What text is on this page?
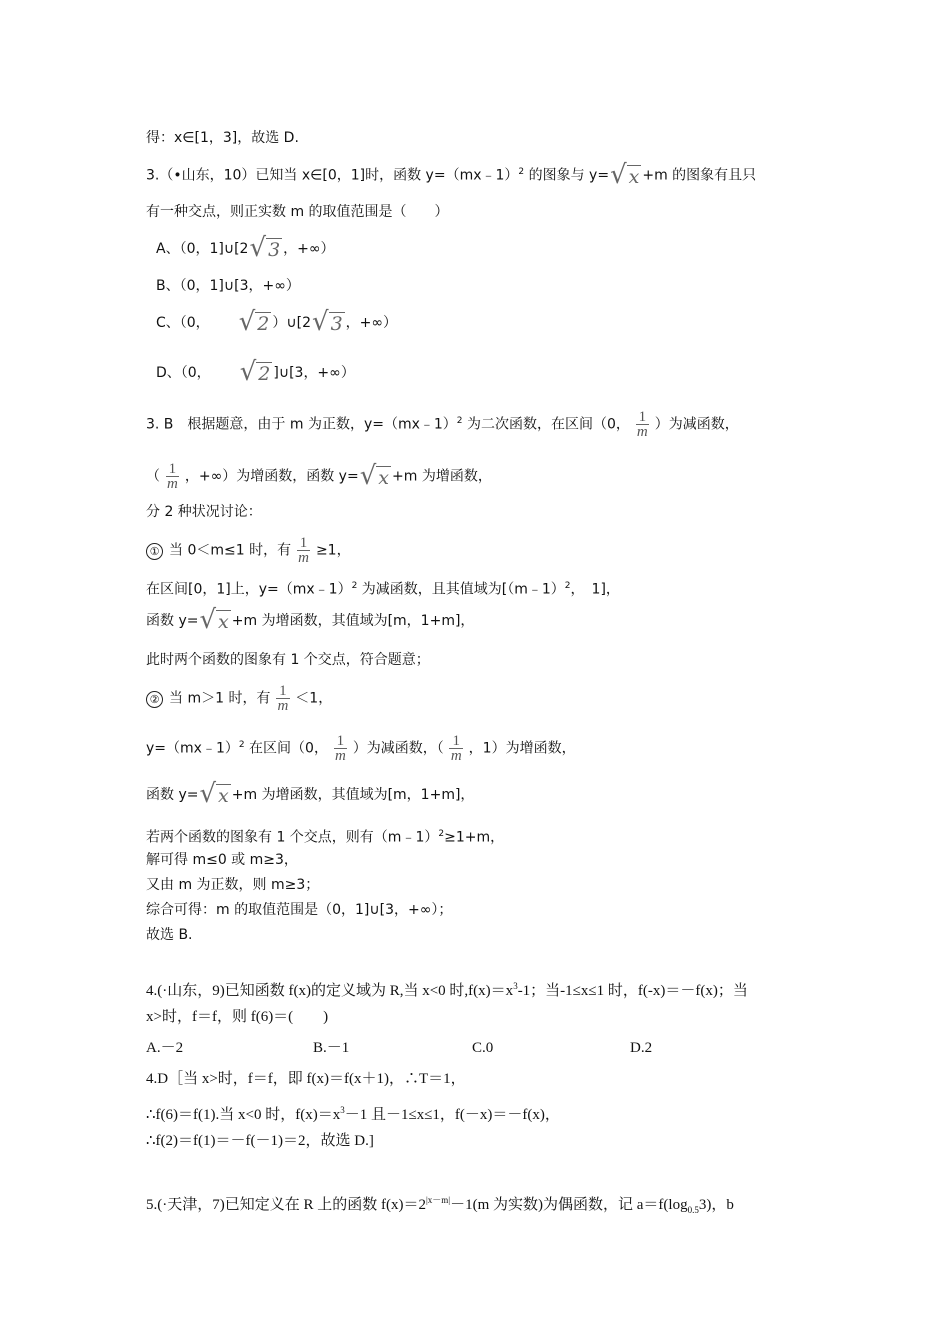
得：x∈[1，3]，故选 D.
3.（•山东，10）已知当 x∈[0，1]时，函数 y=（mx﹣1）$^2$ 的图象与 y=√ x +m 的图象有且只
有一种交点，则正实数 m 的取值范围是（　　）
A、（0，1]∪[2√ 3 ，+∞）
B、（0，1]∪[3，+∞）
C、（0， √ 2 ）∪[2√ 3 ，+∞）
D、（0， √ 2 ]∪[3，+∞）
3. B　根据题意，由于 m 为正数，y=（mx﹣1）$^2$ 为二次函数，在区间（0， $\frac{1}{m}$ ）为减函数，
（ $\frac{1}{m}$ ，+∞）为增函数，函数 y=√ x +m 为增函数，
分 2 种状况讨论：
① 当 0＜m≤1 时，有 $\frac{1}{m} \ge 1$，
在区间[0，1]上，y=（mx﹣1）$^2$ 为减函数，且其值域为[（m﹣1）$^2$，　1]，
函数 y=√ x +m 为增函数，其值域为[m，1+m]，
此时两个函数的图象有 1 个交点，符合题意；
② 当 m＞1 时，有 $\frac{1}{m} <1$，
y=（mx﹣1）$^2$ 在区间（0， $\frac{1}{m}$ ）为减函数，（ $\frac{1}{m}$ ，1）为增函数，
函数 y=√ x +m 为增函数，其值域为[m，1+m]，
若两个函数的图象有 1 个交点，则有（m﹣1）$^2$≥1+m，
解可得 m≤0 或 m≥3，
又由 m 为正数，则 m≥3；
综合可得：m 的取值范围是（0，1]∪[3，+∞）；
故选 B.
4.(·山东，9)已知函数 f(x)的定义域为 R,当 x<0 时$,f(x)=x^3-1$；当-1≤x≤1 时，f(-x)＝－f(x)；当
x>时，f＝f，则 f(6)＝(　　)
A.－2	B.－1	C.0	D.2
4.D［当 x>时，f＝f，即 f(x)＝f(x＋1)，∴T＝1，
∴f(6)＝f(1).当 x<0 时，$f(x)=x^3-1$ 且－1≤x≤1，f(－x)＝－f(x)，
∴f(2)＝f(1)＝－f(－1)＝2，故选 D.]
5.(·天津，7)已知定义在 R 上的函数 $f(x)=2^{|x-m|}-1(m$ 为实数)为偶函数，记 $a=f(\log_{0.5}3)$，b
